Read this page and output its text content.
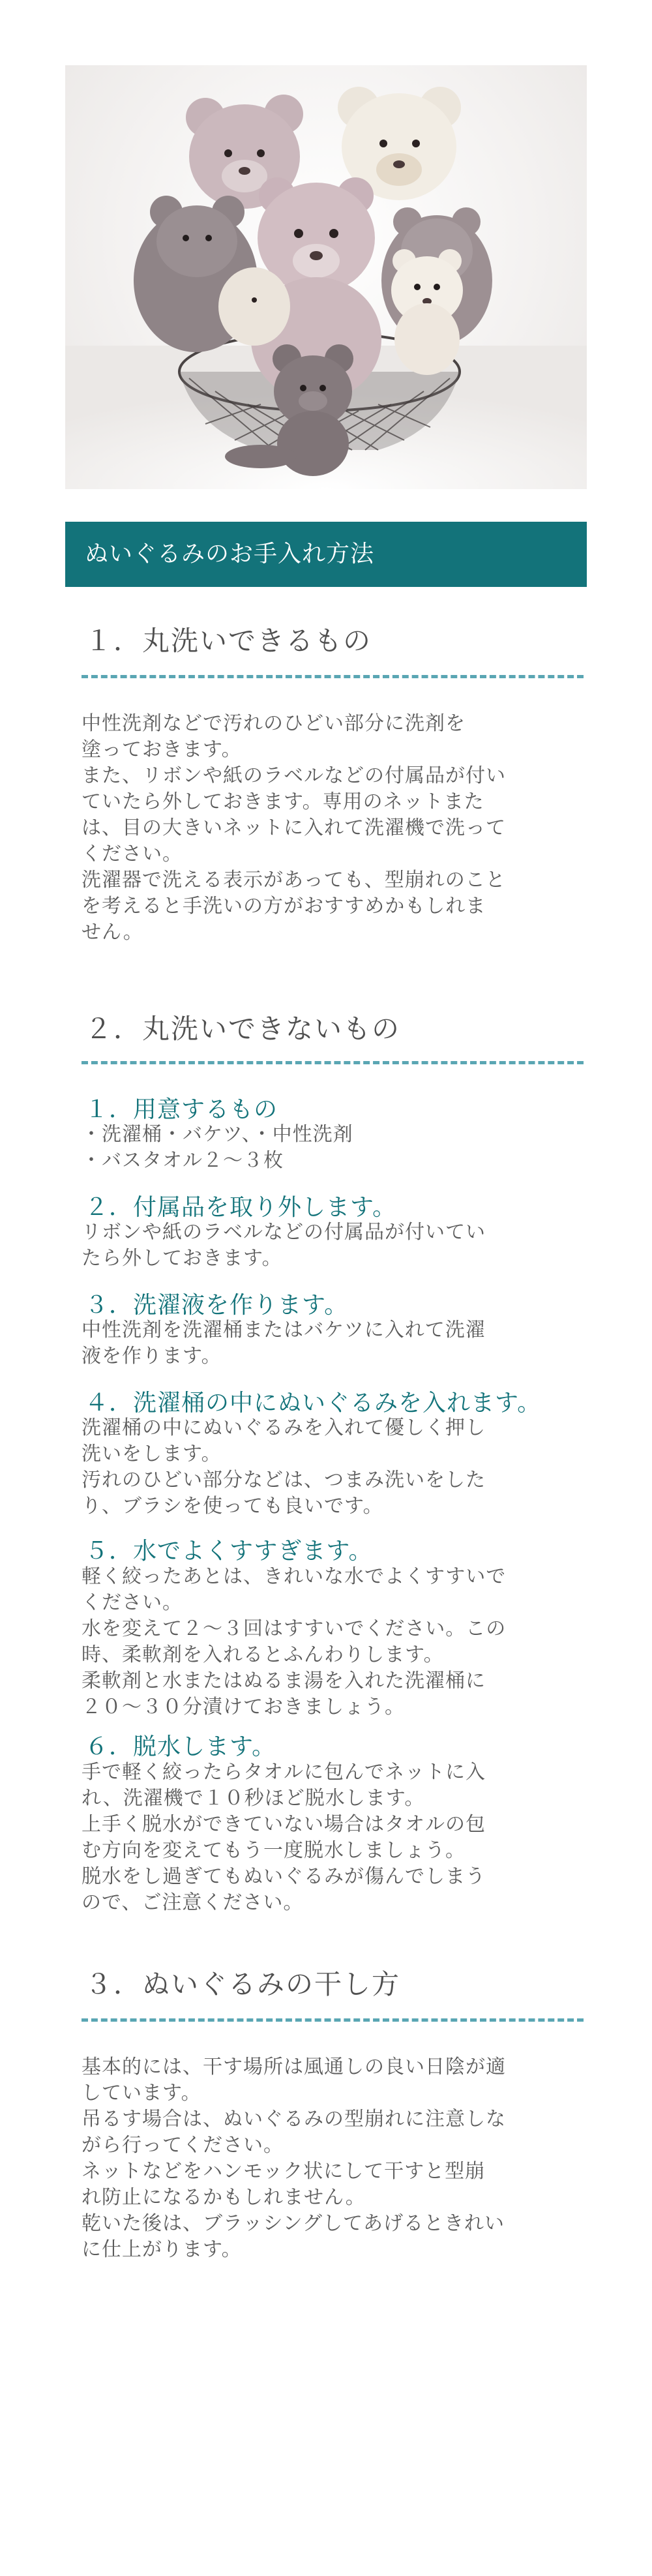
ぬいぐるみのお手入れ方法
１．丸洗いできるもの

中性洗剤などで汚れのひどい部分に洗剤を
塗っておきます。
また、リボンや紙のラベルなどの付属品が付い
ていたら外しておきます。専用のネットまた
は、目の大きいネットに入れて洗濯機で洗って
ください。
洗濯器で洗える表示があっても、型崩れのこと
を考えると手洗いの方がおすすめかもしれま
せん。

２．丸洗いできないもの
１．用意するもの

・洗濯桶・バケツ、・中性洗剤
・バスタオル２～３枚

２．付属品を取り外します。

リボンや紙のラベルなどの付属品が付いてい
たら外しておきます。

３．洗濯液を作ります。

中性洗剤を洗濯桶またはバケツに入れて洗濯
液を作ります。

４．洗濯桶の中にぬいぐるみを入れます。

洗濯桶の中にぬいぐるみを入れて優しく押し
洗いをします。
汚れのひどい部分などは、つまみ洗いをした
り、ブラシを使っても良いです。

５．水でよくすすぎます。

軽く絞ったあとは、きれいな水でよくすすいで
ください。
水を変えて２～３回はすすいでください。この
時、柔軟剤を入れるとふんわりします。
柔軟剤と水またはぬるま湯を入れた洗濯桶に
２０～３０分漬けておきましょう。

６．脱水します。

手で軽く絞ったらタオルに包んでネットに入
れ、洗濯機で１０秒ほど脱水します。
上手く脱水ができていない場合はタオルの包
む方向を変えてもう一度脱水しましょう。
脱水をし過ぎてもぬいぐるみが傷んでしまう
ので、ご注意ください。

３．ぬいぐるみの干し方

基本的には、干す場所は風通しの良い日陰が適
しています。
吊るす場合は、ぬいぐるみの型崩れに注意しな
がら行ってください。
ネットなどをハンモック状にして干すと型崩
れ防止になるかもしれません。
乾いた後は、ブラッシングしてあげるときれい
に仕上がります。
